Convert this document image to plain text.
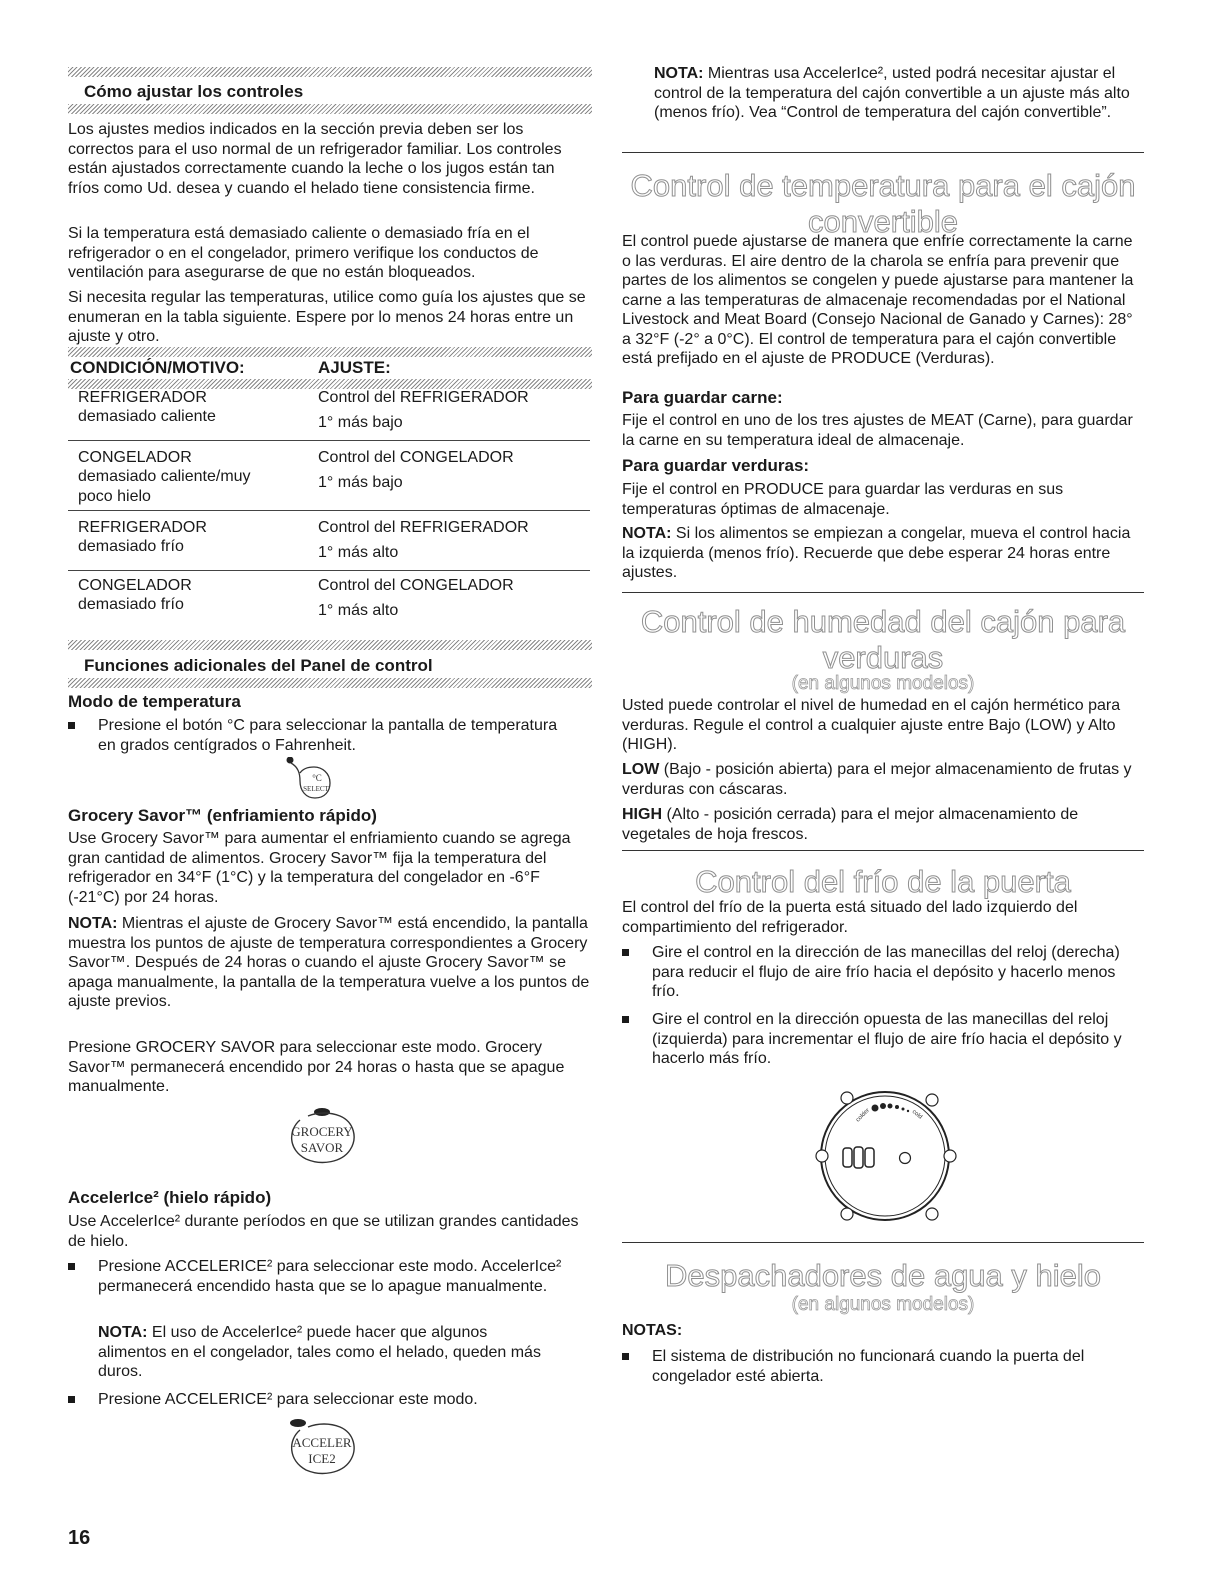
Cómo ajustar los controles

Los ajustes medios indicados en la sección previa deben ser los correctos para el uso normal de un refrigerador familiar. Los controles están ajustados correctamente cuando la leche o los jugos están tan fríos como Ud. desea y cuando el helado tiene consistencia firme.

Si la temperatura está demasiado caliente o demasiado fría en el refrigerador o en el congelador, primero verifique los conductos de ventilación para asegurarse de que no están bloqueados.

Si necesita regular las temperaturas, utilice como guía los ajustes que se enumeran en la tabla siguiente. Espere por lo menos 24 horas entre un ajuste y otro.

CONDICIÓN/MOTIVO:	AJUSTE:
REFRIGERADOR
demasiado caliente
Control del REFRIGERADOR
1° más bajo
CONGELADOR
demasiado caliente/muy poco hielo
Control del CONGELADOR
1° más bajo
REFRIGERADOR
demasiado frío
Control del REFRIGERADOR
1° más alto
CONGELADOR
demasiado frío
Control del CONGELADOR
1° más alto
Funciones adicionales del Panel de control
Modo de temperatura
Presione el botón °C para seleccionar la pantalla de temperatura en grados centígrados o Fahrenheit.
°C
SELECT
Grocery Savor™ (enfriamiento rápido)

Use Grocery Savor™ para aumentar el enfriamiento cuando se agrega gran cantidad de alimentos. Grocery Savor™ fija la temperatura del refrigerador en 34°F (1°C) y la temperatura del congelador en -6°F (-21°C) por 24 horas.

NOTA: Mientras el ajuste de Grocery Savor™ está encendido, la pantalla muestra los puntos de ajuste de temperatura correspondientes a Grocery Savor™. Después de 24 horas o cuando el ajuste Grocery Savor™ se apaga manualmente, la pantalla de la temperatura vuelve a los puntos de ajuste previos.

Presione GROCERY SAVOR para seleccionar este modo. Grocery Savor™ permanecerá encendido por 24 horas o hasta que se apague manualmente.

GROCERY
SAVOR
AccelerIce² (hielo rápido)

Use AccelerIce² durante períodos en que se utilizan grandes cantidades de hielo.

Presione ACCELERICE² para seleccionar este modo. AccelerIce² permanecerá encendido hasta que se lo apague manualmente.

NOTA: El uso de AccelerIce² puede hacer que algunos alimentos en el congelador, tales como el helado, queden más duros.

Presione ACCELERICE² para seleccionar este modo.
ACCELER
ICE2
16

NOTA: Mientras usa AccelerIce², usted podrá necesitar ajustar el control de la temperatura del cajón convertible a un ajuste más alto (menos frío). Vea “Control de temperatura del cajón convertible”.

Control de temperatura para el cajón
convertible

El control puede ajustarse de manera que enfríe correctamente la carne o las verduras. El aire dentro de la charola se enfría para prevenir que partes de los alimentos se congelen y puede ajustarse para mantener la carne a las temperaturas de almacenaje recomendadas por el National Livestock and Meat Board (Consejo Nacional de Ganado y Carnes): 28° a 32°F (-2° a 0°C). El control de temperatura para el cajón convertible está prefijado en el ajuste de PRODUCE (Verduras).

Para guardar carne:

Fije el control en uno de los tres ajustes de MEAT (Carne), para guardar la carne en su temperatura ideal de almacenaje.

Para guardar verduras:

Fije el control en PRODUCE para guardar las verduras en sus temperaturas óptimas de almacenaje.

NOTA: Si los alimentos se empiezan a congelar, mueva el control hacia la izquierda (menos frío). Recuerde que debe esperar 24 horas entre ajustes.

Control de humedad del cajón para
verduras
(en algunos modelos)

Usted puede controlar el nivel de humedad en el cajón hermético para verduras. Regule el control a cualquier ajuste entre Bajo (LOW) y Alto (HIGH).

LOW (Bajo - posición abierta) para el mejor almacenamiento de frutas y verduras con cáscaras.

HIGH (Alto - posición cerrada) para el mejor almacenamiento de vegetales de hoja frescos.

Control del frío de la puerta

El control del frío de la puerta está situado del lado izquierdo del compartimiento del refrigerador.

Gire el control en la dirección de las manecillas del reloj (derecha) para reducir el flujo de aire frío hacia el depósito y hacerlo menos frío.
Gire el control en la dirección opuesta de las manecillas del reloj (izquierda) para incrementar el flujo de aire frío hacia el depósito y hacerlo más frío.
colder	cold
Despachadores de agua y hielo
(en algunos modelos)
NOTAS:
El sistema de distribución no funcionará cuando la puerta del congelador esté abierta.
